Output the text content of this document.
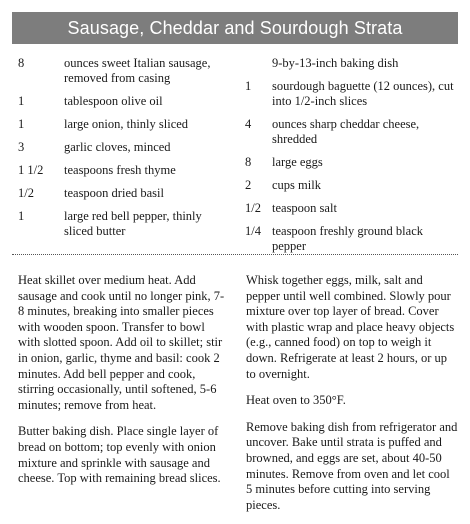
Sausage, Cheddar and Sourdough Strata
8	ounces sweet Italian sausage, removed from casing
1	tablespoon olive oil
1	large onion, thinly sliced
3	garlic cloves, minced
1 1/2	teaspoons fresh thyme
1/2	teaspoon dried basil
1	large red bell pepper, thinly sliced butter
9-by-13-inch baking dish
1	sourdough baguette (12 ounces), cut into 1/2-inch slices
4	ounces sharp cheddar cheese, shredded
8	large eggs
2	cups milk
1/2 teaspoon salt
1/4 teaspoon freshly ground black pepper

Heat skillet over medium heat. Add sausage and cook until no longer pink, 7-8 minutes, breaking into smaller pieces with wooden spoon. Transfer to bowl with slotted spoon. Add oil to skillet; stir in onion, garlic, thyme and basil: cook 2 minutes. Add bell pepper and cook, stirring occasionally, until softened, 5-6 minutes; remove from heat.

Butter baking dish. Place single layer of bread on bottom; top evenly with onion mixture and sprinkle with sausage and cheese. Top with remaining bread slices.

Whisk together eggs, milk, salt and pepper until well combined. Slowly pour mixture over top layer of bread. Cover with plastic wrap and place heavy objects (e.g., canned food) on top to weigh it down. Refrigerate at least 2 hours, or up to overnight.

Heat oven to 350°F.

Remove baking dish from refrigerator and uncover. Bake until strata is puffed and browned, and eggs are set, about 40-50 minutes. Remove from oven and let cool 5 minutes before cutting into serving pieces.
